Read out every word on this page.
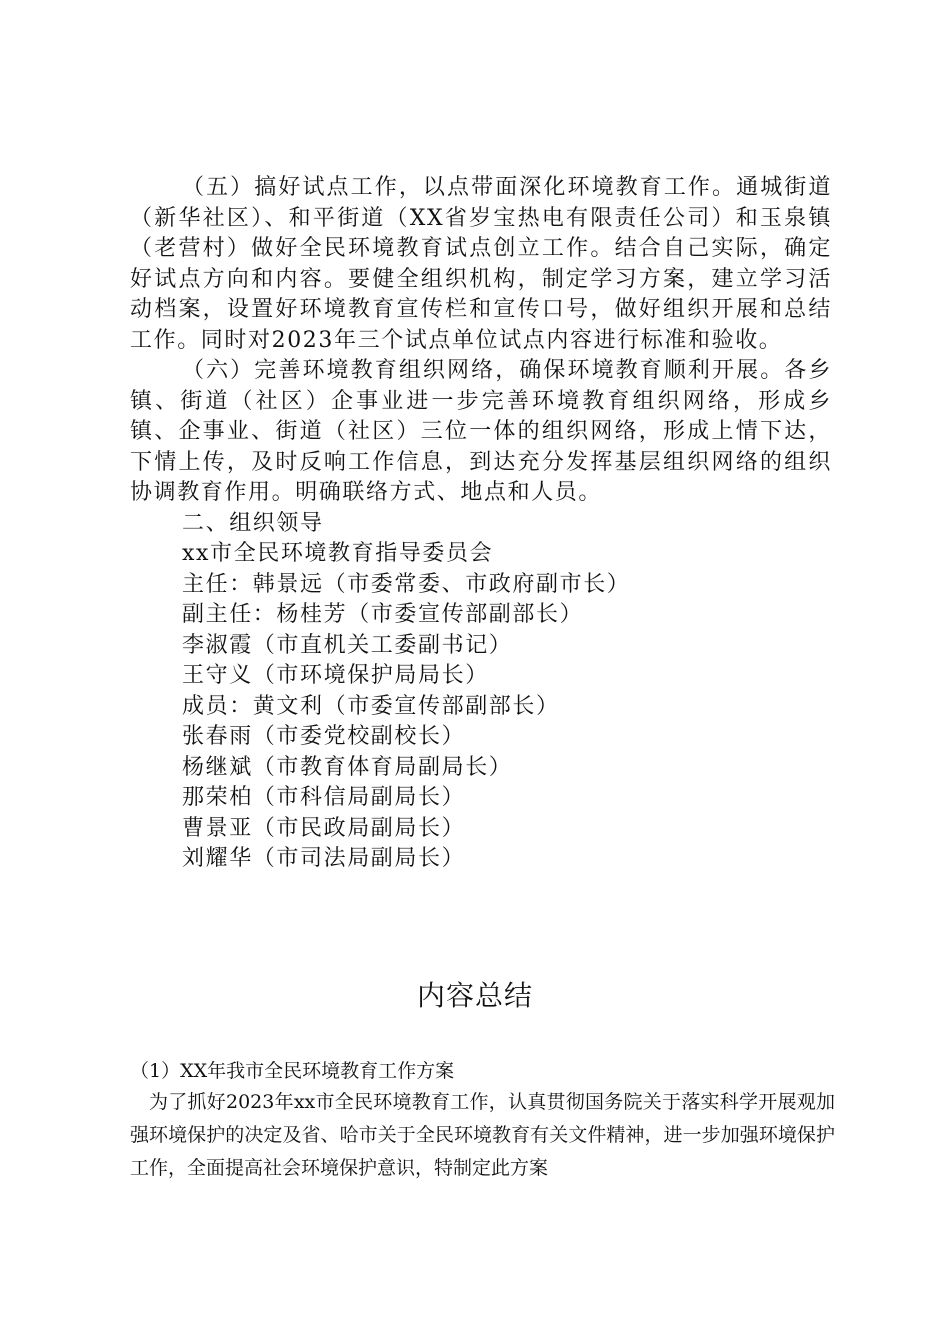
（五）搞好试点工作，以点带面深化环境教育工作。通城街道（新华社区）、和平街道（XX省岁宝热电有限责任公司）和玉泉镇（老营村）做好全民环境教育试点创立工作。结合自己实际，确定好试点方向和内容。要健全组织机构，制定学习方案，建立学习活动档案，设置好环境教育宣传栏和宣传口号，做好组织开展和总结工作。同时对2023年三个试点单位试点内容进行标准和验收。

（六）完善环境教育组织网络，确保环境教育顺利开展。各乡镇、街道（社区）企事业进一步完善环境教育组织网络，形成乡镇、企事业、街道（社区）三位一体的组织网络，形成上情下达，下情上传，及时反响工作信息，到达充分发挥基层组织网络的组织协调教育作用。明确联络方式、地点和人员。

二、组织领导
xx市全民环境教育指导委员会
主任：韩景远（市委常委、市政府副市长）
副主任：杨桂芳（市委宣传部副部长）
李淑霞（市直机关工委副书记）
王守义（市环境保护局局长）
成员：黄文利（市委宣传部副部长）
张春雨（市委党校副校长）
杨继斌（市教育体育局副局长）
那荣柏（市科信局副局长）
曹景亚（市民政局副局长）
刘耀华（市司法局副局长）
内容总结

（1）XX年我市全民环境教育工作方案

为了抓好2023年xx市全民环境教育工作，认真贯彻国务院关于落实科学开展观加强环境保护的决定及省、哈市关于全民环境教育有关文件精神，进一步加强环境保护工作，全面提高社会环境保护意识，特制定此方案
